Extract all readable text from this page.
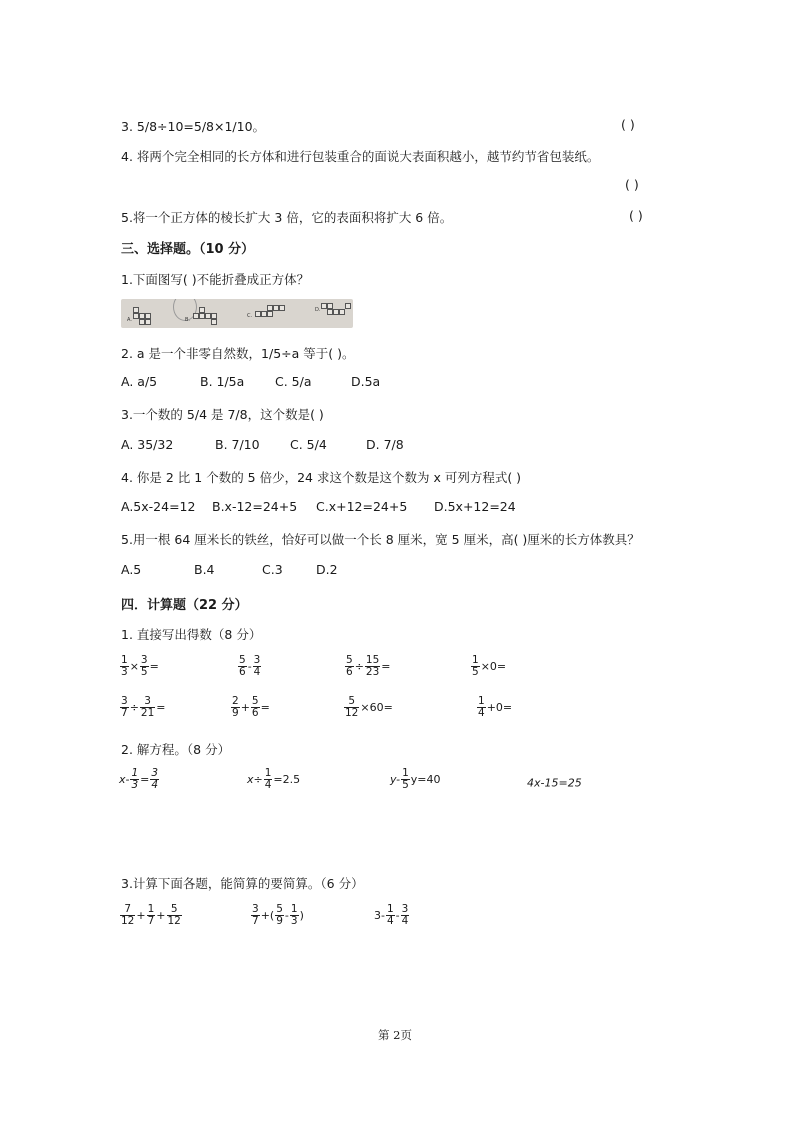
3. 5/8÷10=5/8×1/10。	( )
4. 将两个完全相同的长方体和进行包装重合的面说大表面积越小，越节约节省包装纸。
( )
5.将一个正方体的棱长扩大 3 倍，它的表面积将扩大 6 倍。	( )
三、选择题。（10 分）
1.下面图写( )不能折叠成正方体？
A.	B.
C.
D.
2. a 是一个非零自然数，1/5÷a 等于( )。
A. a/5	B. 1/5a C. 5/a	D.5a
3.一个数的 5/4 是 7/8，这个数是( )
A. 35/32	B. 7/10 C. 5/4	D. 7/8
4. 你是 2 比 1 个数的 5 倍少，24 求这个数是这个数为 x 可列方程式( )
A.5x-24=12 B.x-12=24+5 C.x+12=24+5 D.5x+12=24
5.用一根 64 厘米长的铁丝，恰好可以做一个长 8 厘米，宽 5 厘米，高( )厘米的长方体教具？
A.5	B.4	C.3	D.2
四．计算题（22 分）
1. 直接写出得数（8 分）
$\frac{1}{3} \times \frac{3}{5}$ =	$\frac{5}{6} - \frac{3}{4}$	$\frac{5}{6} \div \frac{15}{23}$ =	$\frac{1}{5} \times 0=$
$\frac{3}{7} \div \frac{3}{21}$ =	$\frac{2}{9} + \frac{5}{6}$ =	$\frac{5}{12} \times 60=$	$\frac{1}{4} +0=$
2. 解方程。（8 分）
$x- \frac{1}{3} = \frac{3}{4}$	$x\div \frac{1}{4} =2.5$	$y- \frac{1}{5} y=40$	4x-15=25
3.计算下面各题，能简算的要简算。（6 分）
$\frac{7}{12} + \frac{1}{7} + \frac{5}{12}$	$\frac{3}{7}$ +( $\frac{5}{9} - \frac{1}{3}$ )	$3- \frac{1}{4} - \frac{3}{4}$
第 2页
